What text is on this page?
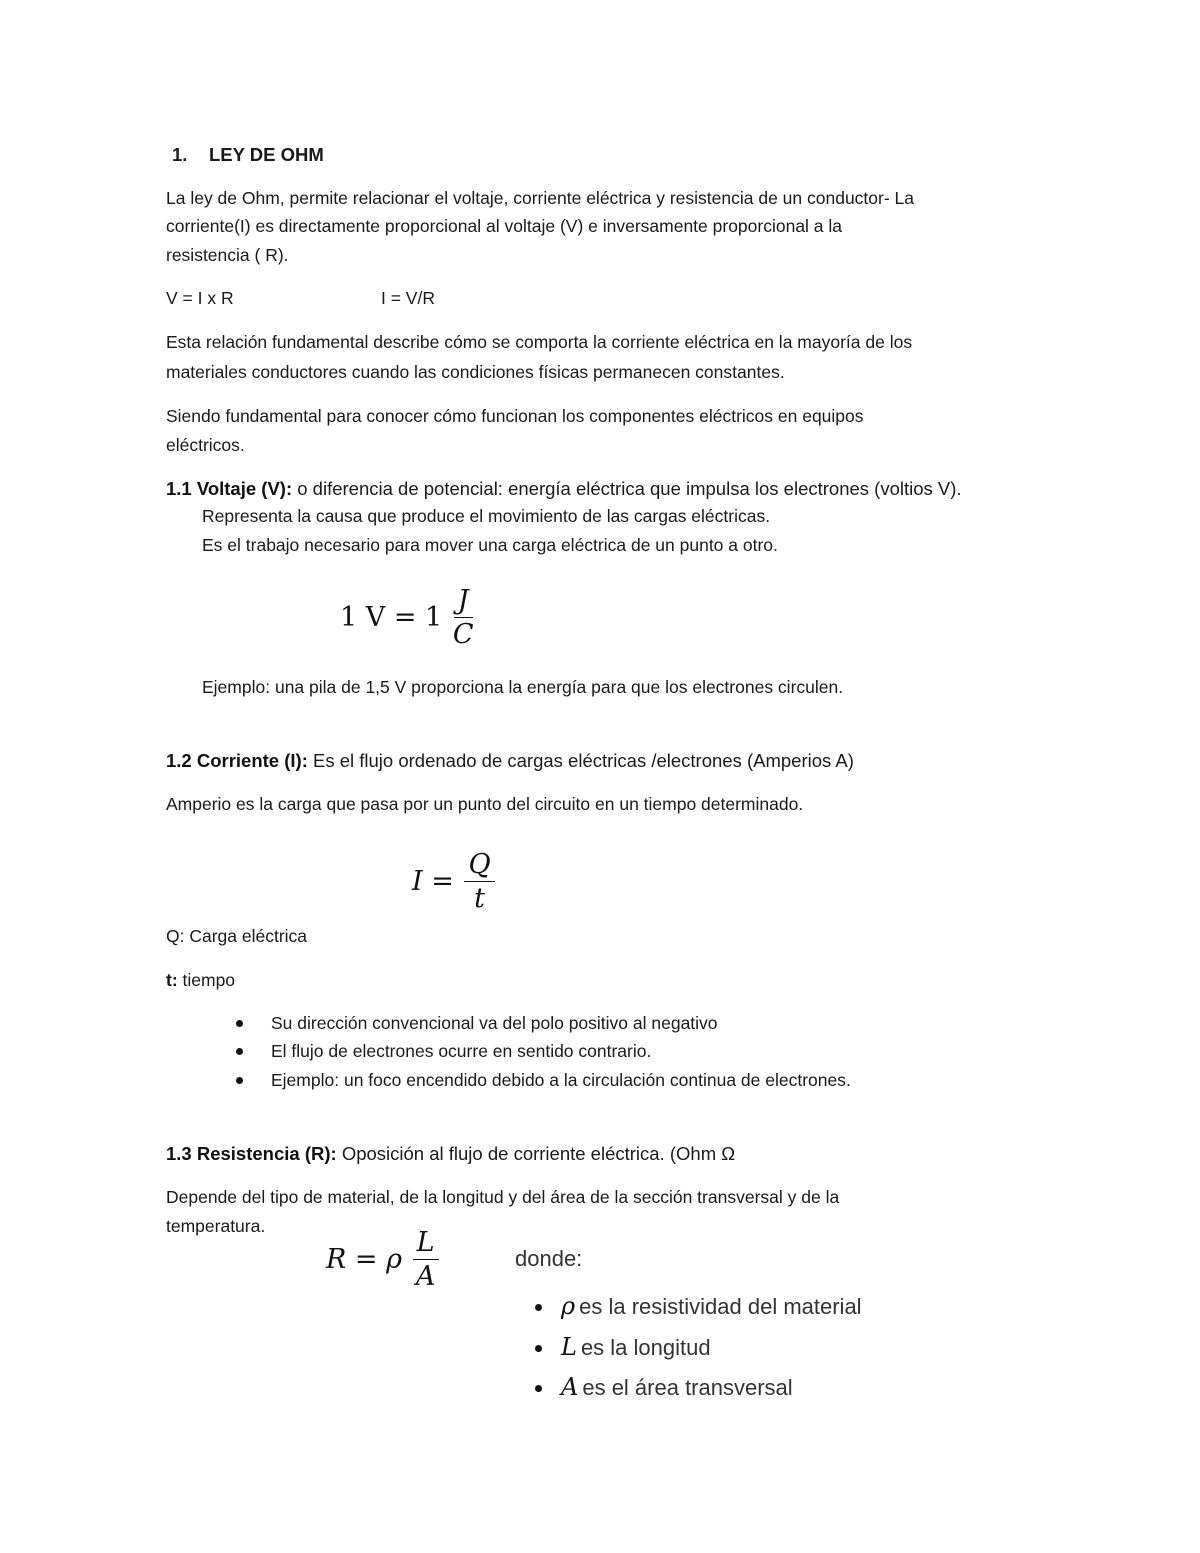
1. LEY DE OHM
La ley de Ohm, permite relacionar el voltaje, corriente eléctrica y resistencia de un conductor- La
corriente(I) es directamente proporcional al voltaje (V) e inversamente proporcional a la
resistencia ( R).
V = I x R	I = V/R
Esta relación fundamental describe cómo se comporta la corriente eléctrica en la mayoría de los
materiales conductores cuando las condiciones físicas permanecen constantes.
Siendo fundamental para conocer cómo funcionan los componentes eléctricos en equipos
eléctricos.
1.1 Voltaje (V): o diferencia de potencial: energía eléctrica que impulsa los electrones (voltios V).
Representa la causa que produce el movimiento de las cargas eléctricas.
Es el trabajo necesario para mover una carga eléctrica de un punto a otro.
1 $V = 1 \frac{J}{C}$
Ejemplo: una pila de 1,5 V proporciona la energía para que los electrones circulen.
1.2 Corriente (I): Es el flujo ordenado de cargas eléctricas /electrones (Amperios A)
Amperio es la carga que pasa por un punto del circuito en un tiempo determinado.
$I = \frac{Q}{t}$
Q: Carga eléctrica
t: tiempo
Su dirección convencional va del polo positivo al negativo
El flujo de electrones ocurre en sentido contrario.
Ejemplo: un foco encendido debido a la circulación continua de electrones.
1.3 Resistencia (R): Oposición al flujo de corriente eléctrica. (Ohm Ω
Depende del tipo de material, de la longitud y del área de la sección transversal y de la
temperatura.
R = ρ $\frac{L}{A}$	donde:
ρ es la resistividad del material
L es la longitud
A es el área transversal
